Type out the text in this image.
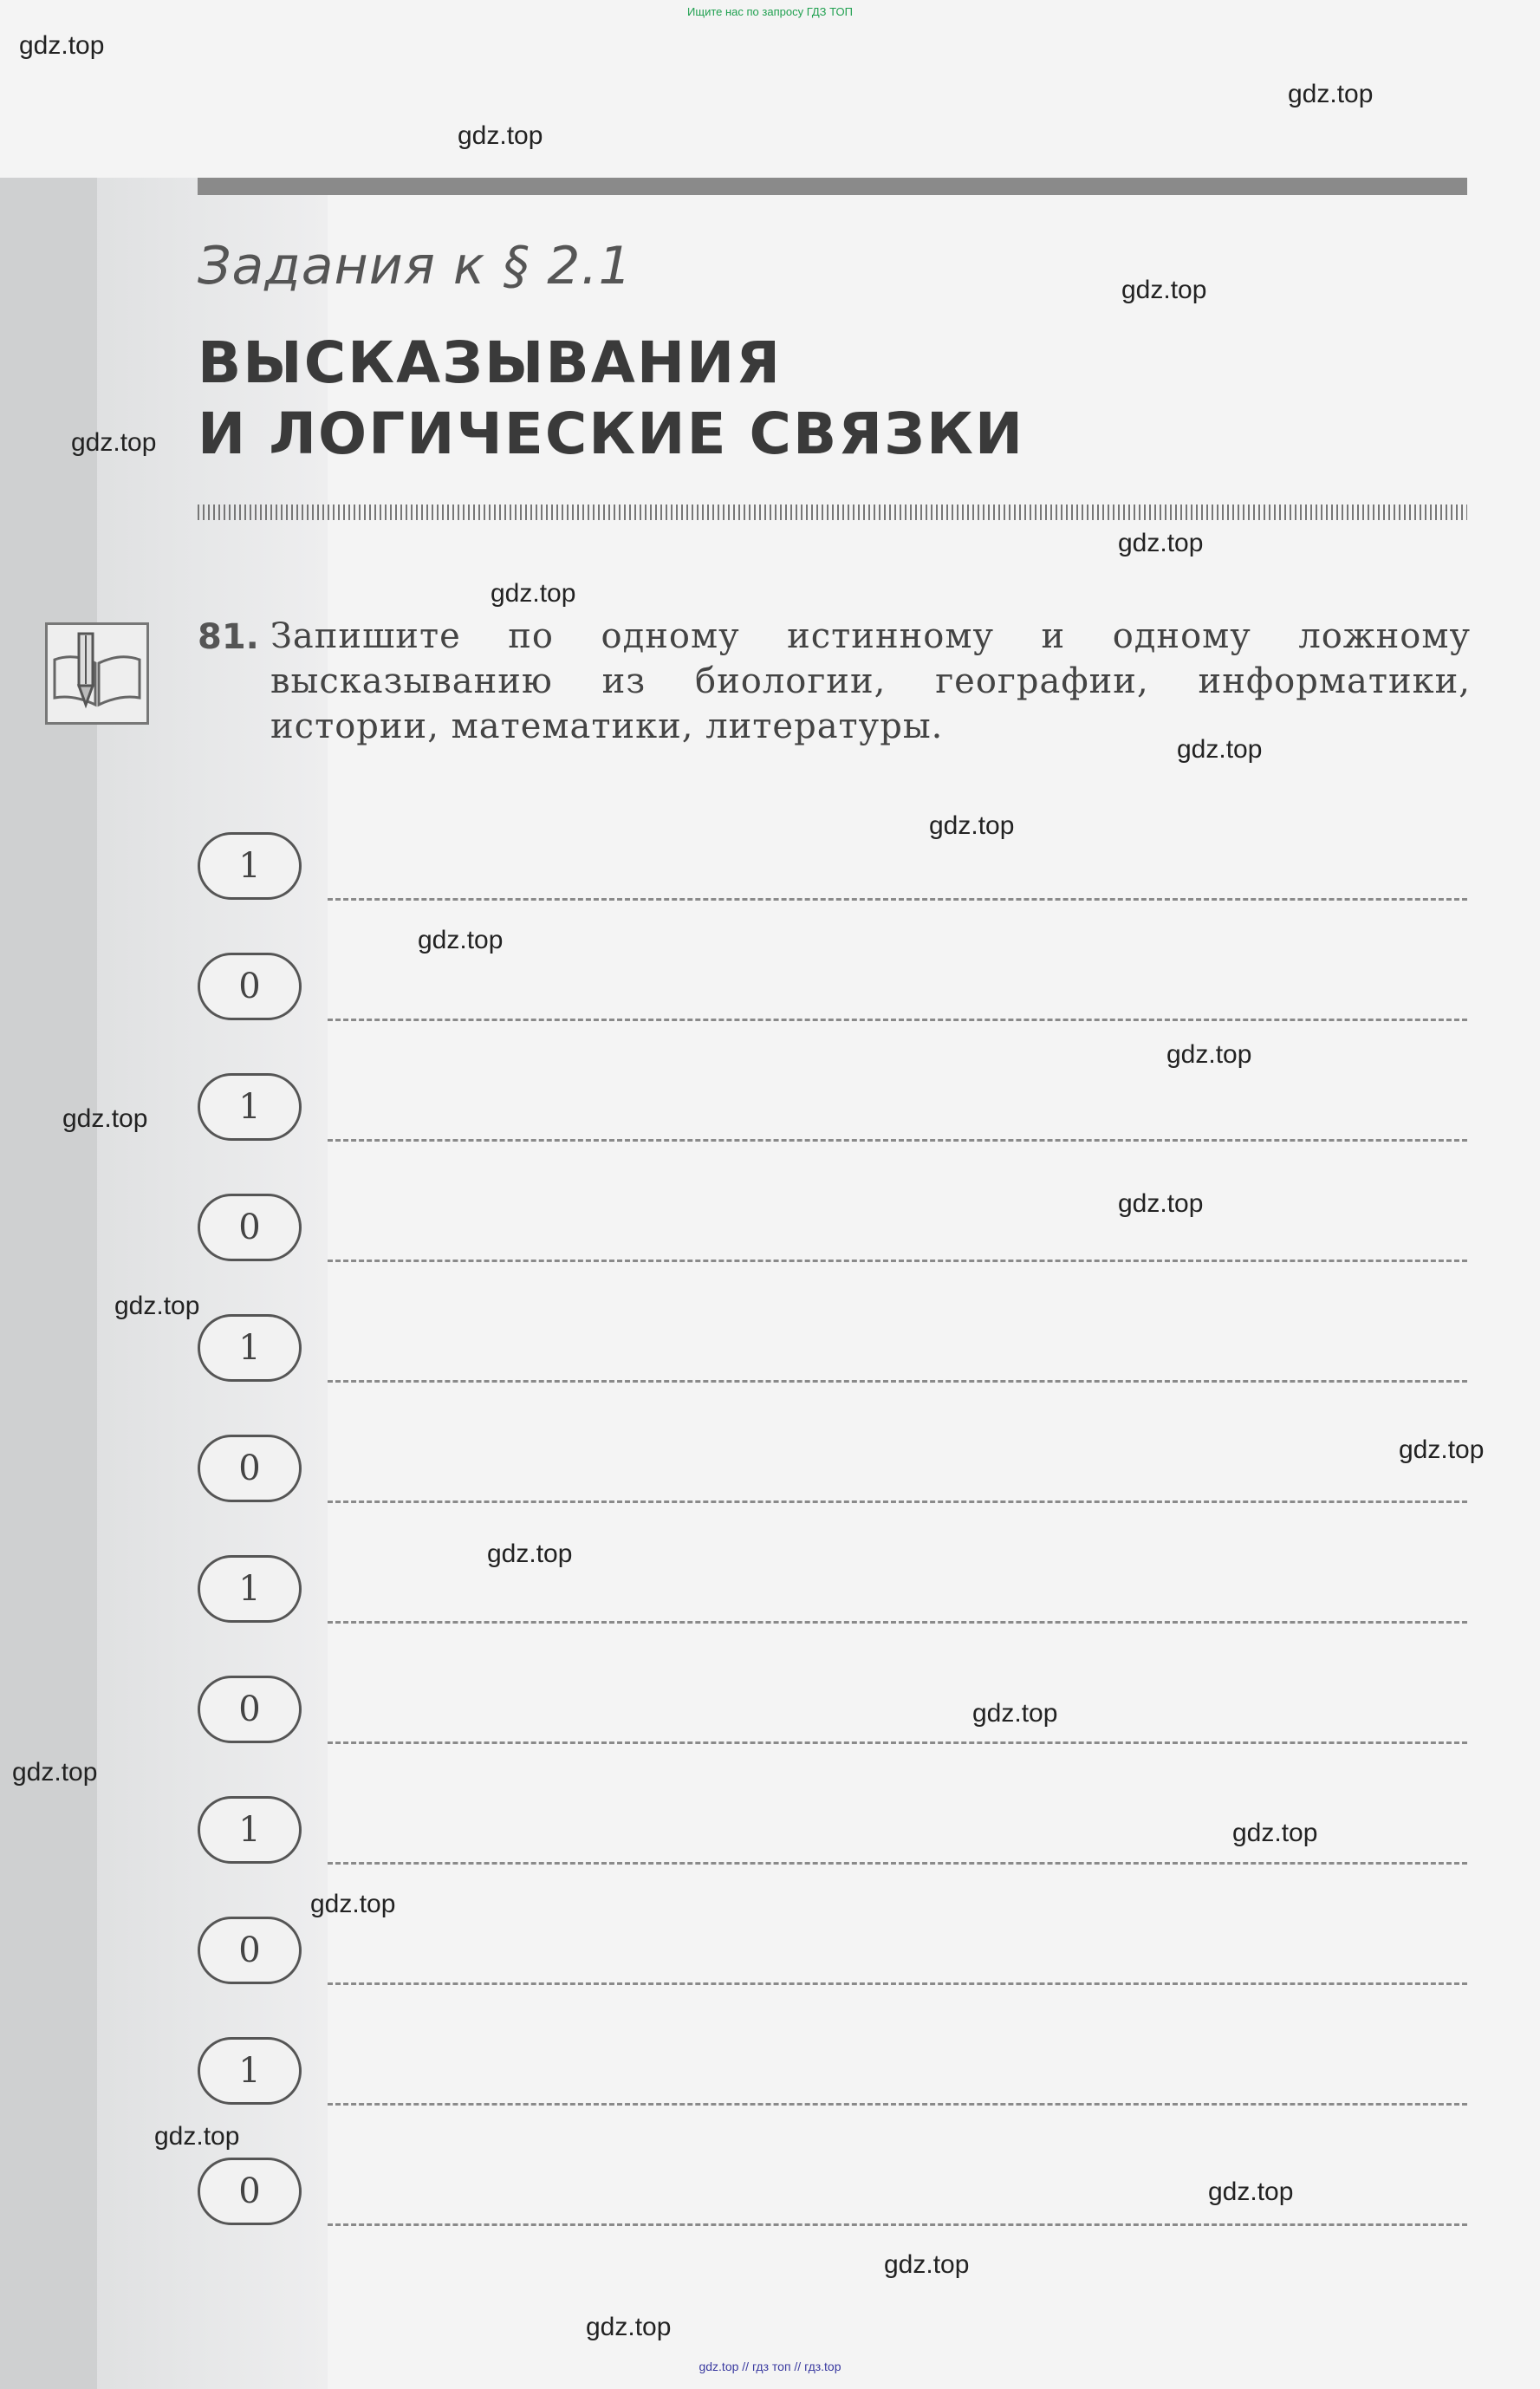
Ищите нас по запросу ГДЗ ТОП
Задания к § 2.1
ВЫСКАЗЫВАНИЯ
И ЛОГИЧЕСКИЕ СВЯЗКИ
81. Запишите по одному истинному и одному ложному высказыванию из биологии, географии, информатики, истории, математики, литературы.
1
0
1
0
1
0
1
0
1
0
1
0
gdz.top
gdz.top
gdz.top
gdz.top
gdz.top
gdz.top
gdz.top
gdz.top
gdz.top
gdz.top
gdz.top
gdz.top
gdz.top
gdz.top
gdz.top
gdz.top
gdz.top
gdz.top
gdz.top
gdz.top
gdz.top
gdz.top
gdz.top
gdz.top
gdz.top // гдз топ // гдз.top
